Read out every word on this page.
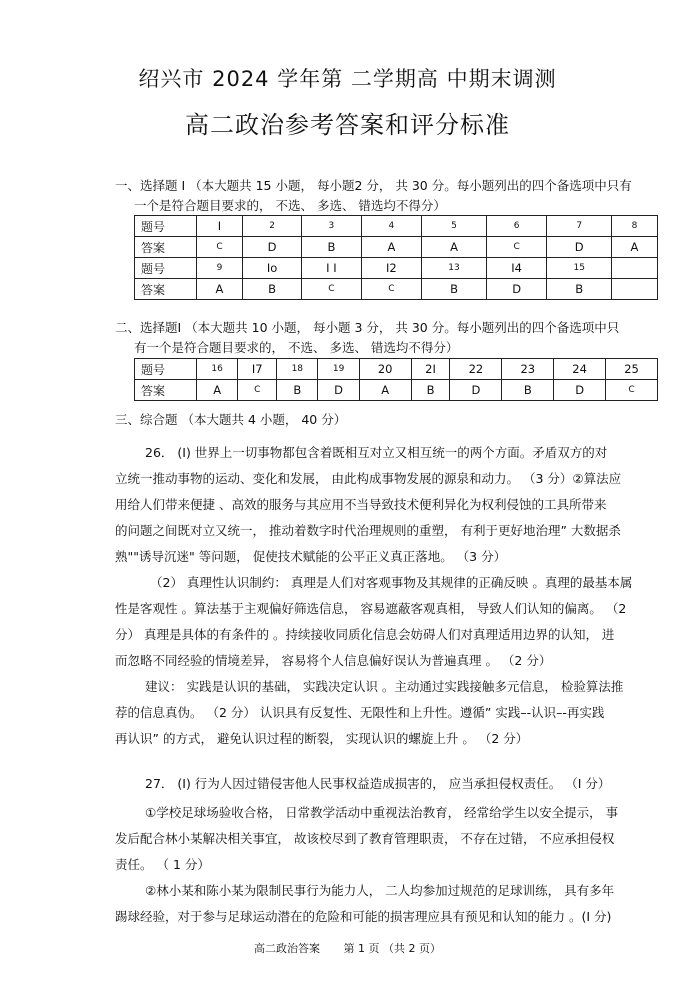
绍兴市 2024 学年第 二学期高 中期末调测
高二政治参考答案和评分标准
一、选择题 I （本大题共 15 小题， 每小题2 分， 共 30 分。每小题列出的四个备选项中只有
一个是符合题目要求的， 不选、 多选、 错选均不得分）
题号	I	2	3	4	5	6	7	8
答案	C	D	B	A	A	C	D	A
题号	9	Io	I I	I2	13	I4	15	
答案	A	B	C	C	B	D	B	
二、选择题I （本大题共 10 小题， 每小题 3 分， 共 30 分。每小题列出的四个备选项中只
有一个是符合题目要求的， 不选、 多选、 错选均不得分）
题号	16	I7	18	19	20	2I	22	23	24	25
答案	A	C	B	D	A	B	D	B	D	C
三、综合题 （本大题共 4 小题， 40 分）
26． (I) 世界上一切事物都包含着既相互对立又相互统一的两个方面。矛盾双方的对
立统一推动事物的运动、变化和发展， 由此构成事物发展的源泉和动力。 （3 分）②算法应
用给人们带来便捷 、高效的服务与其应用不当导致技术便利异化为权利侵蚀的工具所带来
的问题之间既对立又统一， 推动着数字时代治理规则的重塑， 有利于更好地治理” 大数据杀
熟""诱导沉迷" 等问题， 促使技术赋能的公平正义真正落地。 （3 分）
（2） 真理性认识制约： 真理是人们对客观事物及其规律的正确反映 。真理的最基本属
性是客观性 。算法基于主观偏好筛选信息， 容易遮蔽客观真相， 导致人们认知的偏离。 （2
分） 真理是具体的有条件的 。持续接收同质化信息会妨碍人们对真理适用边界的认知， 进
而忽略不同经验的情境差异， 容易将个人信息偏好误认为普遍真理 。 （2 分）
建议： 实践是认识的基础， 实践决定认识 。主动通过实践接触多元信息， 检验算法推
荐的信息真伪。 （2 分） 认识具有反复性、无限性和上升性。遵循” 实践–-认识–-再实践
再认识” 的方式， 避免认识过程的断裂， 实现认识的螺旋上升 。 （2 分）
27． (I) 行为人因过错侵害他人民事权益造成损害的， 应当承担侵权责任。 （I 分）
①学校足球场验收合格， 日常教学活动中重视法治教育， 经常给学生以安全提示， 事
发后配合林小某解决相关事宜， 故该校尽到了教育管理职责， 不存在过错， 不应承担侵权
责任。 （ 1 分）
②林小某和陈小某为限制民事行为能力人， 二人均参加过规范的足球训练， 具有多年
踢球经验，对于参与足球运动潜在的危险和可能的损害理应具有预见和认知的能力 。(I 分)
高二政治答案 第 1 页 （共 2 页）
